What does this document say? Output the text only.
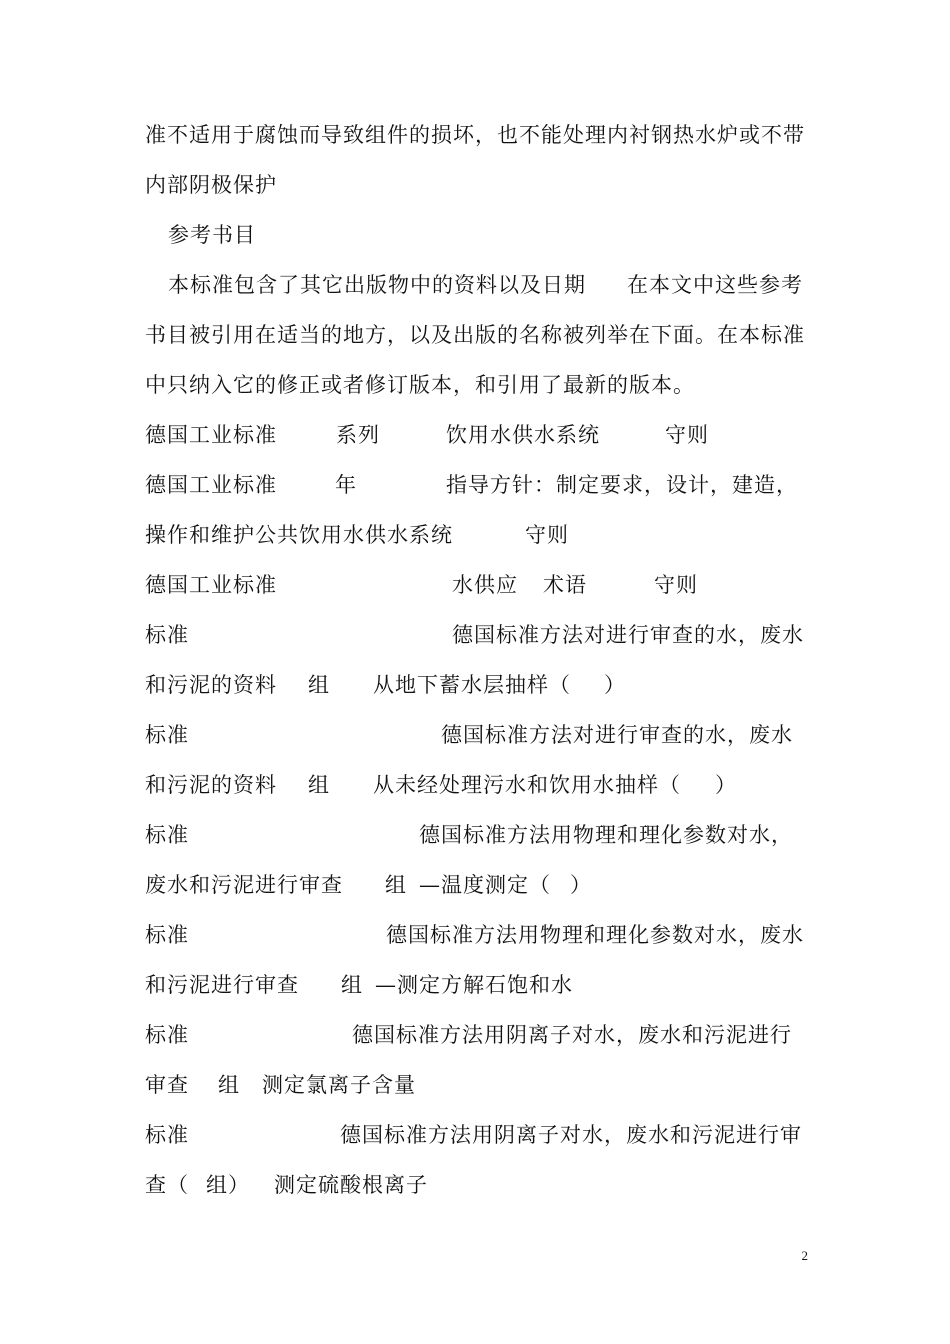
准不适用于腐蚀而导致组件的损坏，也不能处理内衬钢热水炉或不带
内部阴极保护
参考书目
本标准包含了其它出版物中的资料以及日期 在本文中这些参考
书目被引用在适当的地方，以及出版的名称被列举在下面。在本标准
中只纳入它的修正或者修订版本，和引用了最新的版本。
德国工业标准	系列	饮用水供水系统	守则
德国工业标准	年	指导方针：制定要求，设计，建造，
操作和维护公共饮用水供水系统	守则
德国工业标准	水供应 术语	守则
标准	德国标准方法对进行审查的水，废水
和污泥的资料 组 从地下蓄水层抽样（ ）
标准	德国标准方法对进行审查的水，废水
和污泥的资料 组 从未经处理污水和饮用水抽样（ ）
标准	德国标准方法用物理和理化参数对水，
废水和污泥进行审查 组 —温度测定（ ）
标准	德国标准方法用物理和理化参数对水，废水
和污泥进行审查 组 —测定方解石饱和水
标准	德国标准方法用阴离子对水，废水和污泥进行
审查 组 测定氯离子含量
标准	德国标准方法用阴离子对水，废水和污泥进行审
查（ 组） 测定硫酸根离子
2
